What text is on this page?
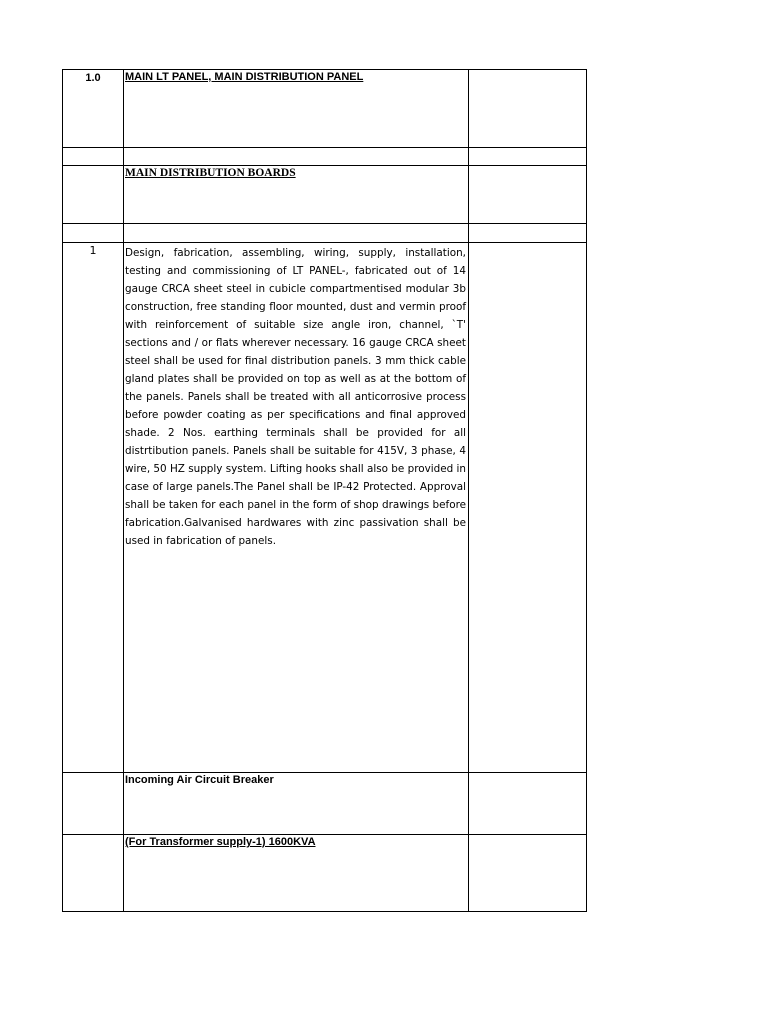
1.0	MAIN LT PANEL, MAIN DISTRIBUTION PANEL	

	MAIN DISTRIBUTION BOARDS	

1	Design, fabrication, assembling, wiring, supply, installation, testing and commissioning of LT PANEL-, fabricated out of 14 gauge CRCA sheet steel in cubicle compartmentised modular 3b construction, free standing floor mounted, dust and vermin proof with reinforcement of suitable size angle iron, channel, `T' sections and / or flats wherever necessary. 16 gauge CRCA sheet steel shall be used for final distribution panels. 3 mm thick cable gland plates shall be provided on top as well as at the bottom of the panels. Panels shall be treated with all anticorrosive process before powder coating as per specifications and final approved shade. 2 Nos. earthing terminals shall be provided for all distrtibution panels. Panels shall be suitable for 415V, 3 phase, 4 wire, 50 HZ supply system. Lifting hooks shall also be provided in case of large panels.The Panel shall be IP-42 Protected. Approval shall be taken for each panel in the form of shop drawings before fabrication.Galvanised hardwares with zinc passivation shall be used in fabrication of panels.	

	Incoming Air Circuit Breaker	

	(For Transformer supply-1) 1600KVA	
